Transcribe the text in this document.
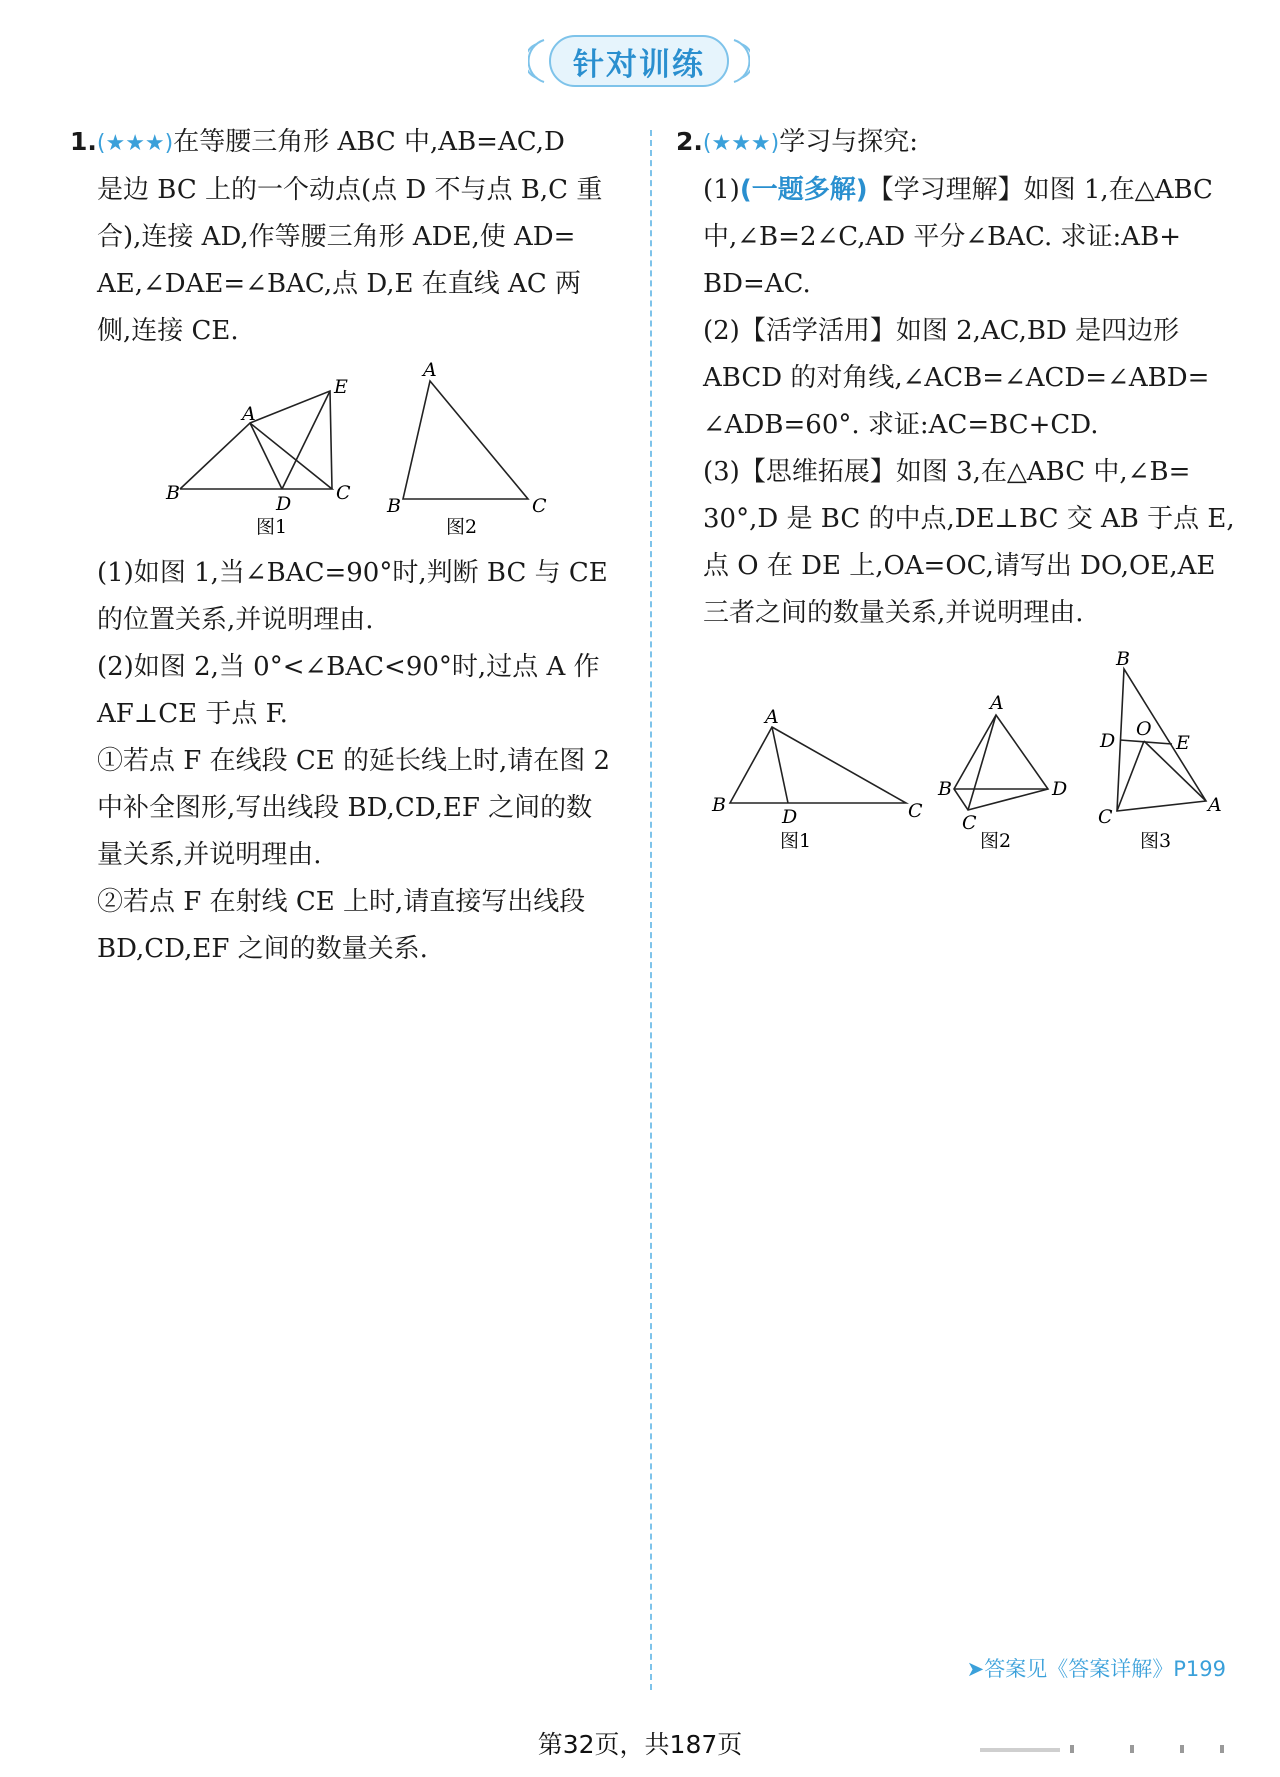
针对训练

1.(★★★)在等腰三角形 ABC 中,AB=AC,D

是边 BC 上的一个动点(点 D 不与点 B,C 重

合),连接 AD,作等腰三角形 ADE,使 AD=

AE,∠DAE=∠BAC,点 D,E 在直线 AC 两

侧,连接 CE.

A
B	C
D
E
图1
A
B	C
图2

(1)如图 1,当∠BAC=90°时,判断 BC 与 CE

的位置关系,并说明理由.

(2)如图 2,当 0°<∠BAC<90°时,过点 A 作

AF⊥CE 于点 F.

①若点 F 在线段 CE 的延长线上时,请在图 2

中补全图形,写出线段 BD,CD,EF 之间的数

量关系,并说明理由.

②若点 F 在射线 CE 上时,请直接写出线段

BD,CD,EF 之间的数量关系.

2.(★★★)学习与探究:

(1)(一题多解)【学习理解】如图 1,在△ABC

中,∠B=2∠C,AD 平分∠BAC. 求证:AB+

BD=AC.

(2)【活学活用】如图 2,AC,BD 是四边形

ABCD 的对角线,∠ACB=∠ACD=∠ABD=

∠ADB=60°. 求证:AC=BC+CD.

(3)【思维拓展】如图 3,在△ABC 中,∠B=

30°,D 是 BC 的中点,DE⊥BC 交 AB 于点 E,

点 O 在 DE 上,OA=OC,请写出 DO,OE,AE

三者之间的数量关系,并说明理由.

A
B	C
D
图1
A
B
C
D
图2
B
D
O
E
C
A
图3
➤答案见《答案详解》P199
第32页，共187页
